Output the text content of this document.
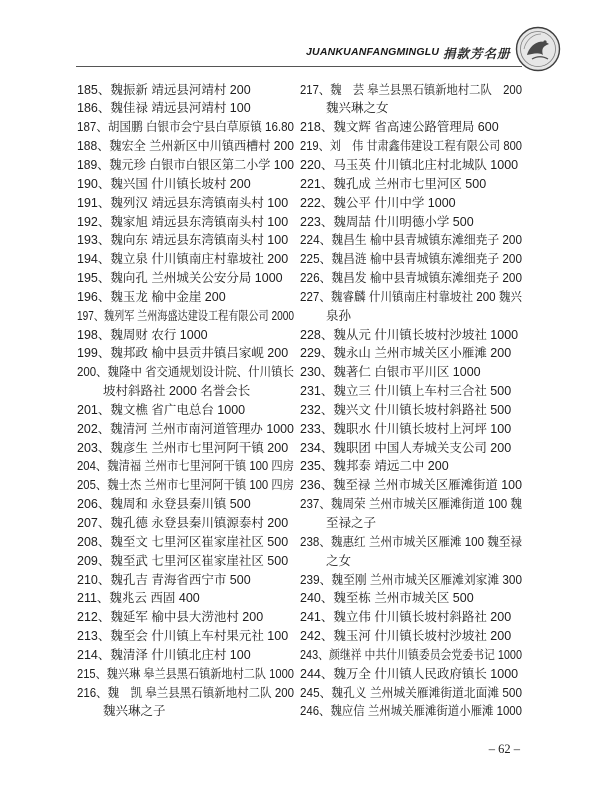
JUANKUANFANGMINGLU 捐款芳名册
185、魏振新 靖远县河靖村 200
186、魏佳禄 靖远县河靖村 100
187、胡国鹏 白银市会宁县白草原镇 16.80
188、魏宏全 兰州新区中川镇西槽村 200
189、魏元珍 白银市白银区第二小学 100
190、魏兴国 什川镇长坡村 200
191、魏列汉 靖远县东湾镇南头村 100
192、魏家旭 靖远县东湾镇南头村 100
193、魏向东 靖远县东湾镇南头村 100
194、魏立泉 什川镇南庄村靠坡社 200
195、魏向孔 兰州城关公安分局 1000
196、魏玉龙 榆中金崖 200
197、魏列军 兰州海盛达建设工程有限公司 2000
198、魏周财 农行 1000
199、魏邦政 榆中县贡井镇吕家岘 200
200、魏隆中 省交通规划设计院、什川镇长
坡村斜路社 2000 名誉会长
201、魏文樵 省广电总台 1000
202、魏清河 兰州市南河道管理办 1000
203、魏彦生 兰州市七里河阿干镇 200
204、魏清福 兰州市七里河阿干镇 100 四房
205、魏士杰 兰州市七里河阿干镇 100 四房
206、魏周和 永登县秦川镇 500
207、魏孔德 永登县秦川镇源泰村 200
208、魏至文 七里河区崔家崖社区 500
209、魏至武 七里河区崔家崖社区 500
210、魏孔吉 青海省西宁市 500
211、魏兆云 西固 400
212、魏延军 榆中县大涝池村 200
213、魏至会 什川镇上车村果元社 100
214、魏清泽 什川镇北庄村 100
215、魏兴琳 皋兰县黑石镇新地村二队 1000
216、魏　凯 皋兰县黑石镇新地村二队 200
魏兴琳之子
217、魏　芸 皋兰县黑石镇新地村二队　200
魏兴琳之女
218、魏文辉 省高速公路管理局 600
219、刘　伟 甘肃鑫伟建设工程有限公司 800
220、马玉英 什川镇北庄村北城队 1000
221、魏孔成 兰州市七里河区 500
222、魏公平 什川中学 1000
223、魏周喆 什川明德小学 500
224、魏昌生 榆中县青城镇东滩细尭子 200
225、魏昌涟 榆中县青城镇东滩细尭子 200
226、魏昌发 榆中县青城镇东滩细尭子 200
227、魏睿麟 什川镇南庄村靠坡社 200 魏兴
泉孙
228、魏从元 什川镇长坡村沙坡社 1000
229、魏永山 兰州市城关区小雁滩 200
230、魏著仁 白银市平川区 1000
231、魏立三 什川镇上车村三合社 500
232、魏兴文 什川镇长坡村斜路社 500
233、魏职水 什川镇长坡村上河坪 100
234、魏职团 中国人寿城关支公司 200
235、魏邦泰 靖远二中 200
236、魏至禄 兰州市城关区雁滩街道 100
237、魏周荣 兰州市城关区雁滩街道 100 魏
至禄之子
238、魏惠红 兰州市城关区雁滩 100 魏至禄
之女
239、魏至刚 兰州市城关区雁滩刘家滩 300
240、魏至栋 兰州市城关区 500
241、魏立伟 什川镇长坡村斜路社 200
242、魏玉河 什川镇长坡村沙坡社 200
243、颜继祥 中共什川镇委员会党委书记 1000
244、魏万全 什川镇人民政府镇长 1000
245、魏孔义 兰州城关雁滩街道北面滩 500
246、魏应信 兰州城关雁滩街道小雁滩 1000
– 62 –
